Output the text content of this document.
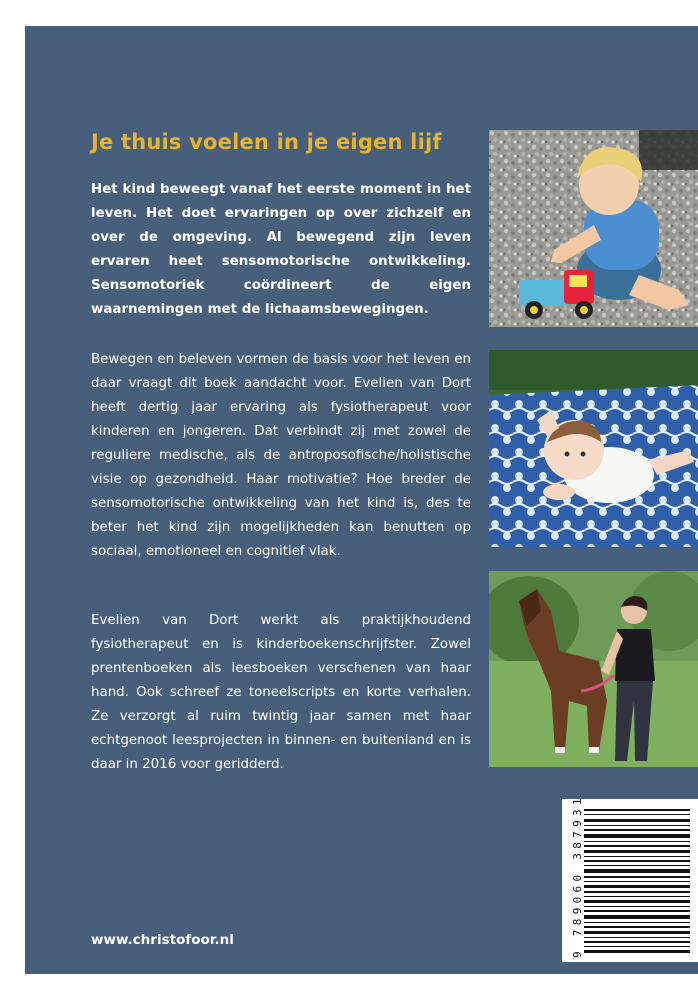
Je thuis voelen in je eigen lijf

Het kind beweegt vanaf het eerste moment in het leven. Het doet ervaringen op over zichzelf en over de omgeving. Al bewegend zijn leven ervaren heet sensomotorische ontwikkeling. Sensomotoriek coördineert de eigen waarnemingen met de lichaamsbewegingen.

Bewegen en beleven vormen de basis voor het leven en daar vraagt dit boek aandacht voor. Evelien van Dort heeft dertig jaar ervaring als fysiotherapeut voor kinderen en jongeren. Dat verbindt zij met zowel de reguliere medische, als de antroposofische/holistische visie op gezondheid. Haar motivatie? Hoe breder de sensomotorische ontwikkeling van het kind is, des te beter het kind zijn mogelijkheden kan benutten op sociaal, emotioneel en cognitief vlak.

Evelien van Dort werkt als praktijkhoudend fysiotherapeut en is kinderboekenschrijfster. Zowel prentenboeken als leesboeken verschenen van haar hand. Ook schreef ze toneelscripts en korte verhalen. Ze verzorgt al ruim twintig jaar samen met haar echtgenoot leesprojecten in binnen- en buitenland en is daar in 2016 voor geridderd.

www.christofoor.nl	9 789060 387931
